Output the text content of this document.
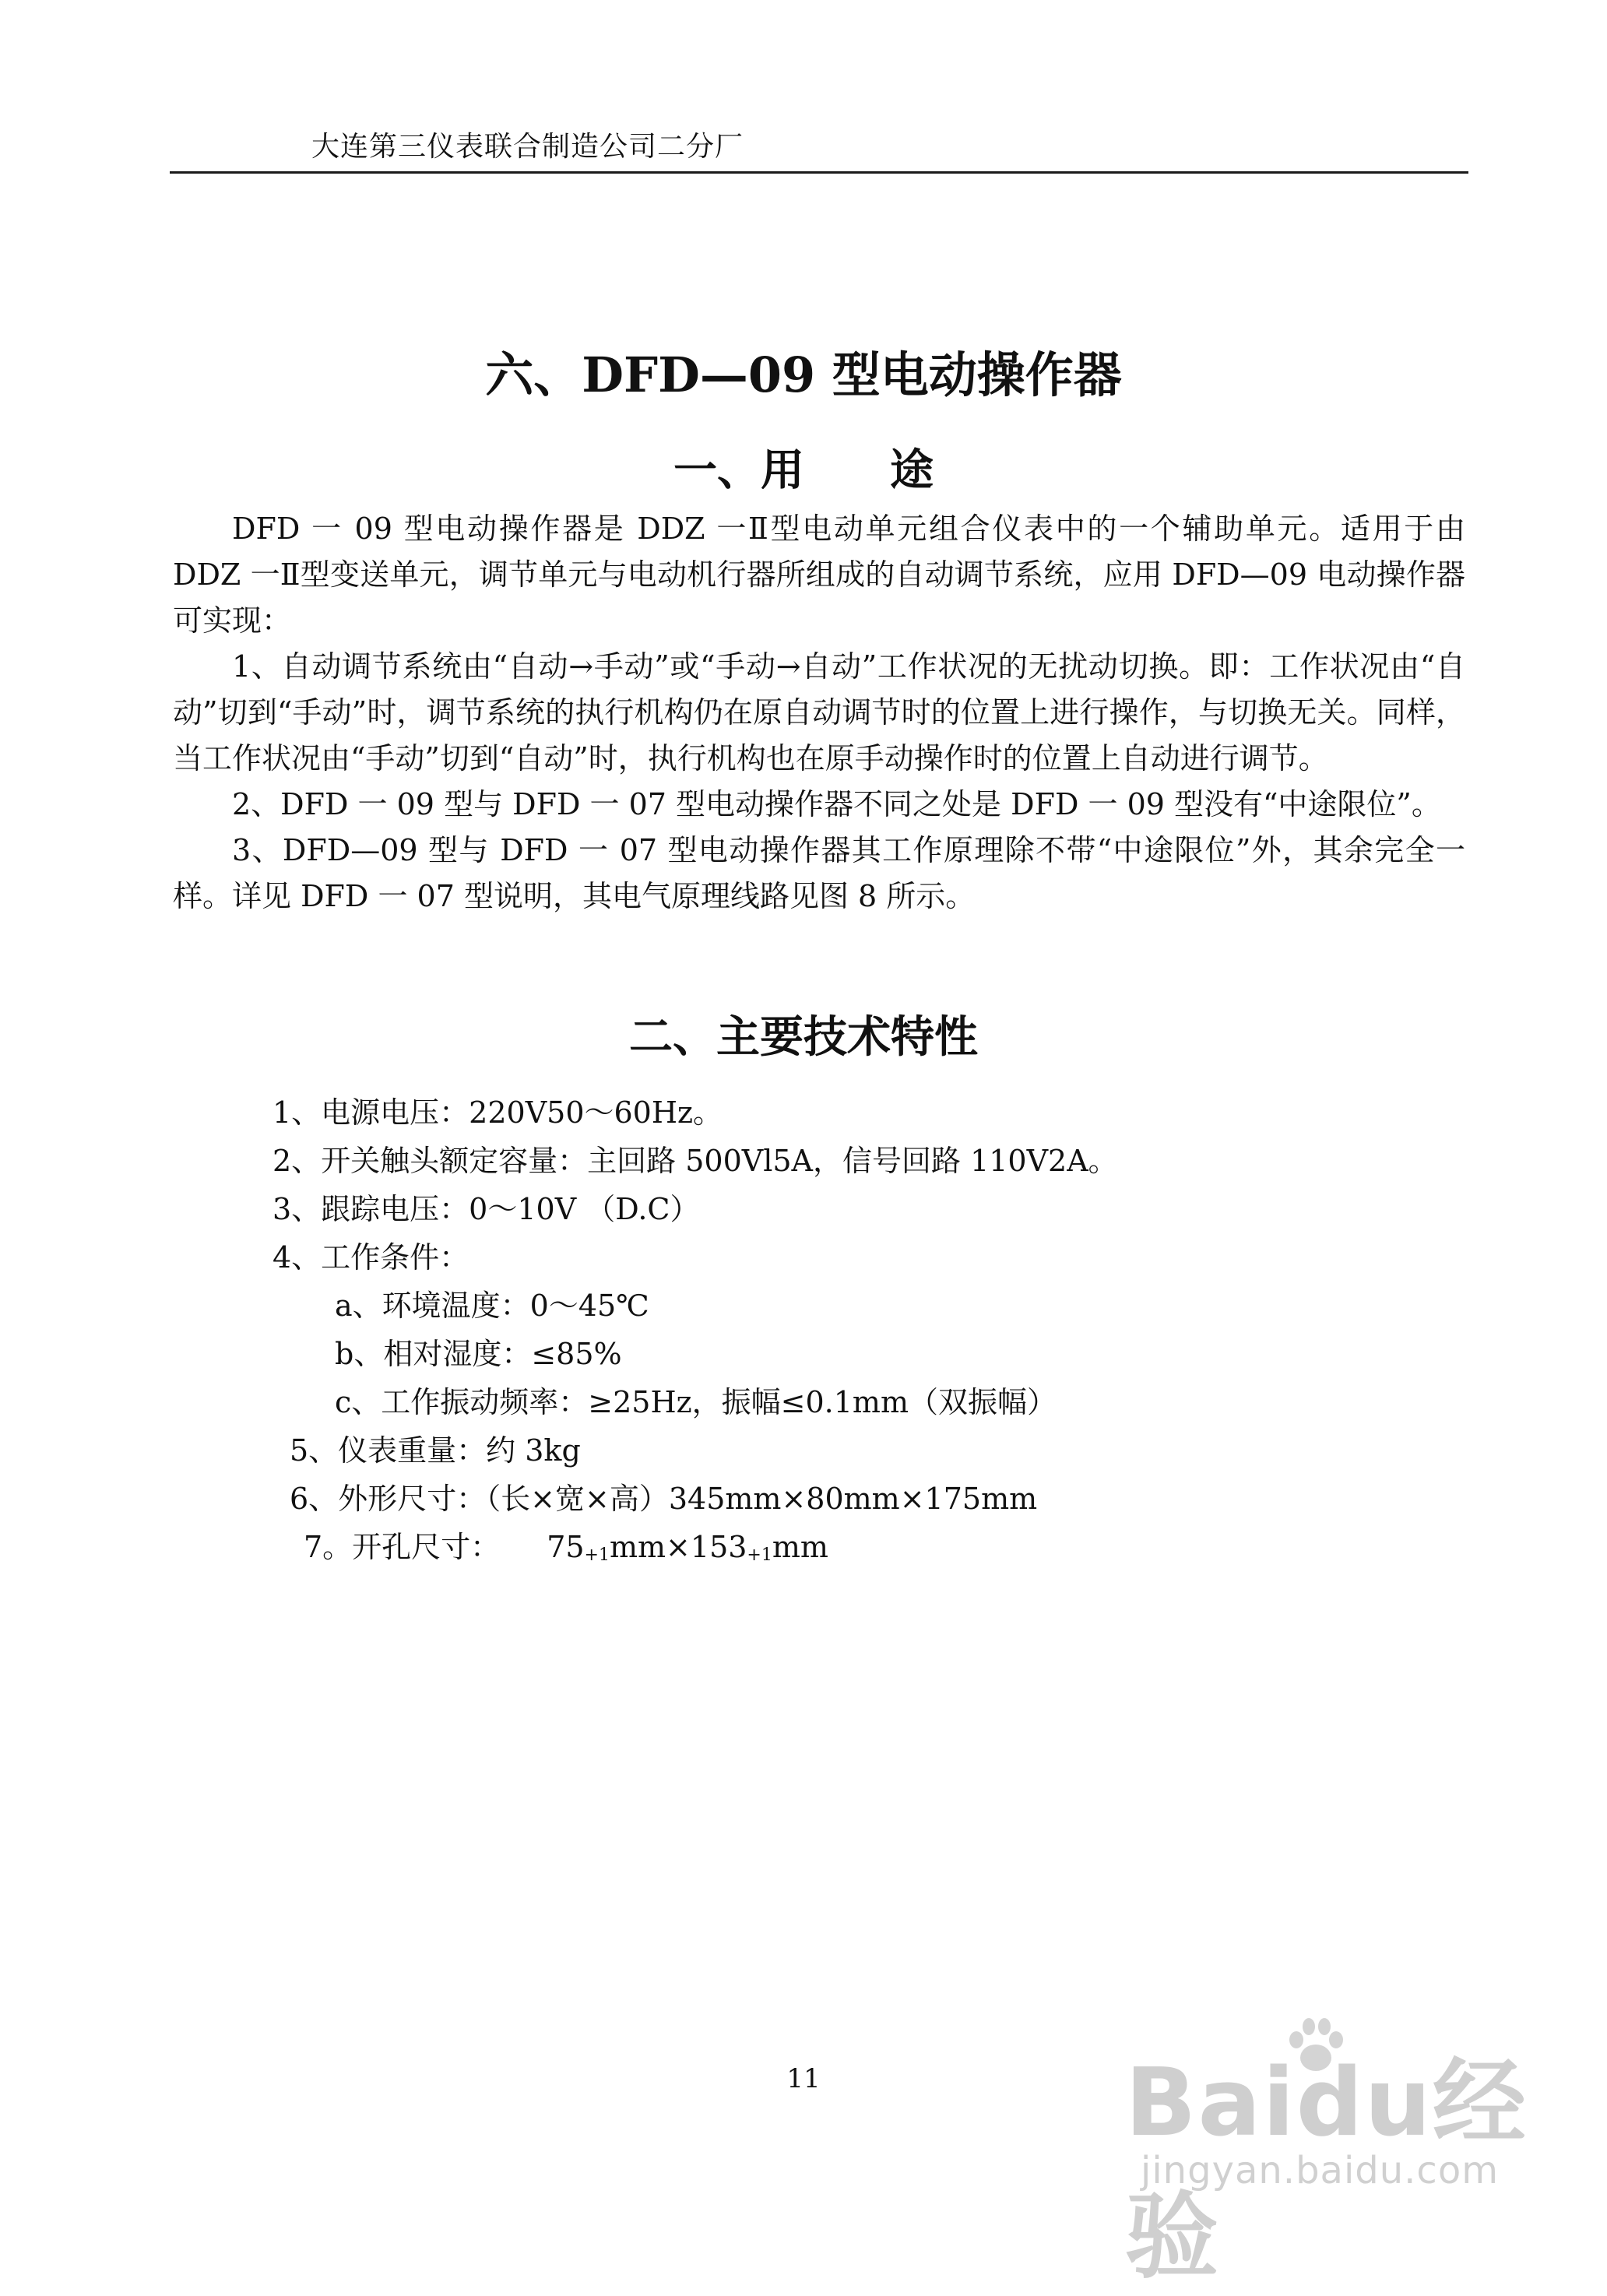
大连第三仪表联合制造公司二分厂
六、DFD—09 型电动操作器
一、用 途

DFD 一 09 型电动操作器是 DDZ 一Ⅱ型电动单元组合仪表中的一个辅助单元。适用于由 DDZ 一Ⅱ型变送单元，调节单元与电动机行器所组成的自动调节系统，应用 DFD—09 电动操作器可实现：

1、自动调节系统由“自动→手动”或“手动→自动”工作状况的无扰动切换。即：工作状况由“自动”切到“手动”时，调节系统的执行机构仍在原自动调节时的位置上进行操作，与切换无关。同样，当工作状况由“手动”切到“自动”时，执行机构也在原手动操作时的位置上自动进行调节。

2、DFD 一 09 型与 DFD 一 07 型电动操作器不同之处是 DFD 一 09 型没有“中途限位”。

3、DFD—09 型与 DFD 一 07 型电动操作器其工作原理除不带“中途限位”外，其余完全一样。详见 DFD 一 07 型说明，其电气原理线路见图 8 所示。

二、主要技术特性
1、电源电压：220V50～60Hz。
2、开关触头额定容量：主回路 500Vl5A，信号回路 110V2A。
3、跟踪电压：0～10V （D.C）
4、工作条件：
a、环境温度：0～45℃
b、相对湿度：≤85%
c、工作振动频率：≥25Hz，振幅≤0.1mm（双振幅）
5、仪表重量：约 3kg
6、外形尺寸：（长×宽×高）345mm×80mm×175mm
7。开孔尺寸： 75+1mm×153+1mm
11	Baidu经验
jingyan.baidu.com
